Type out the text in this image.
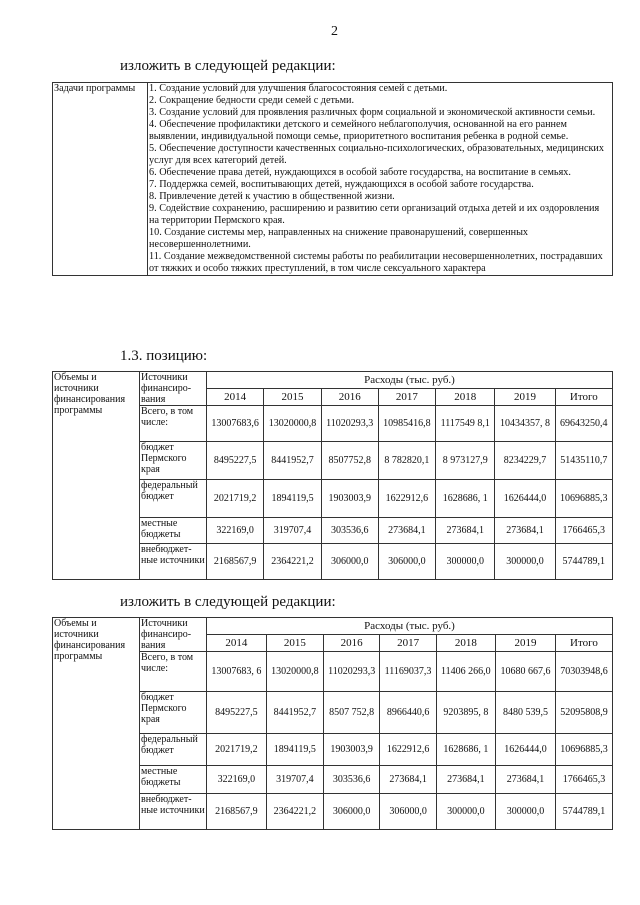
2
изложить в следующей редакции:
Задачи программы	1. Создание условий для улучшения благосостояния семей с детьми.
2. Сокращение бедности среди семей с детьми.
3. Создание условий для проявления различных форм социальной и экономической активности семьи.
4. Обеспечение профилактики детского и семейного неблагополучия, основанной на его раннем выявлении, индивидуальной помощи семье, приоритетного воспитания ребенка в родной семье.
5. Обеспечение доступности качественных социально-психологических, образовательных, медицинских услуг для всех категорий детей.
6. Обеспечение права детей, нуждающихся в особой заботе государства, на воспитание в семьях.
7. Поддержка семей, воспитывающих детей, нуждающихся в особой заботе государства.
8. Привлечение детей к участию в общественной жизни.
9. Содействие сохранению, расширению и развитию сети организаций отдыха детей и их оздоровления на территории Пермского края.
10. Создание системы мер, направленных на снижение правонарушений, совершенных несовершеннолетними.
11. Создание межведомственной системы работы по реабилитации несовершеннолетних, пострадавших от тяжких и особо тяжких преступлений, в том числе сексуального характера
1.3. позицию:
Объемы и источники финансирования программы	Источники финансиро-вания	Расходы (тыс. руб.)						
		2014	2015	2016	2017	2018	2019	Итого
	Всего, в том числе:	13007683,6	13020000,8	11020293,3	10985416,8	1117549 8,1	10434357, 8	69643250,4
	бюджет Пермского края	8495227,5	8441952,7	8507752,8	8 782820,1	8 973127,9	8234229,7	51435110,7
	федеральный бюджет	2021719,2	1894119,5	1903003,9	1622912,6	1628686, 1	1626444,0	10696885,3
	местные бюджеты	322169,0	319707,4	303536,6	273684,1	273684,1	273684,1	1766465,3
	внебюджет-ные источники	2168567,9	2364221,2	306000,0	306000,0	300000,0	300000,0	5744789,1
изложить в следующей редакции:
Объемы и источники финансирования программы	Источники финансиро-вания	Расходы (тыс. руб.)						
		2014	2015	2016	2017	2018	2019	Итого
	Всего, в том числе:	13007683, 6	13020000,8	11020293,3	11169037,3	11406 266,0	10680 667,6	70303948,6
	бюджет Пермского края	8495227,5	8441952,7	8507 752,8	8966440,6	9203895, 8	8480 539,5	52095808,9
	федеральный бюджет	2021719,2	1894119,5	1903003,9	1622912,6	1628686, 1	1626444,0	10696885,3
	местные бюджеты	322169,0	319707,4	303536,6	273684,1	273684,1	273684,1	1766465,3
	внебюджет-ные источники	2168567,9	2364221,2	306000,0	306000,0	300000,0	300000,0	5744789,1
